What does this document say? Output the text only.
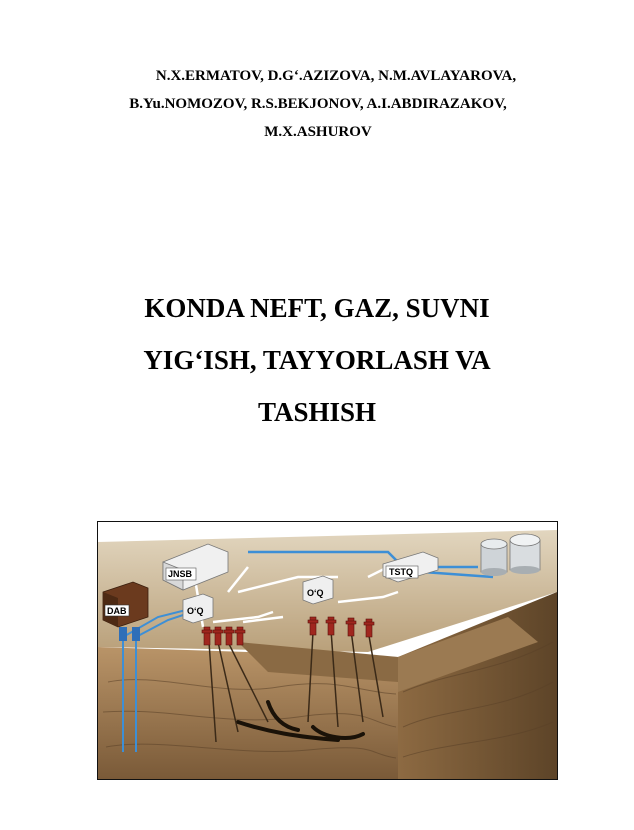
N.X.ERMATOV, D.G‘.AZIZOVA, N.M.AVLAYAROVA,
B.Yu.NOMOZOV, R.S.BEKJONOV, A.I.ABDIRAZAKOV,
M.X.ASHUROV
KONDA NEFT, GAZ, SUVNI
YIG‘ISH, TAYYORLASH VA
TASHISH
JNSB	TSTQ
DAB	O‘Q
O‘Q
